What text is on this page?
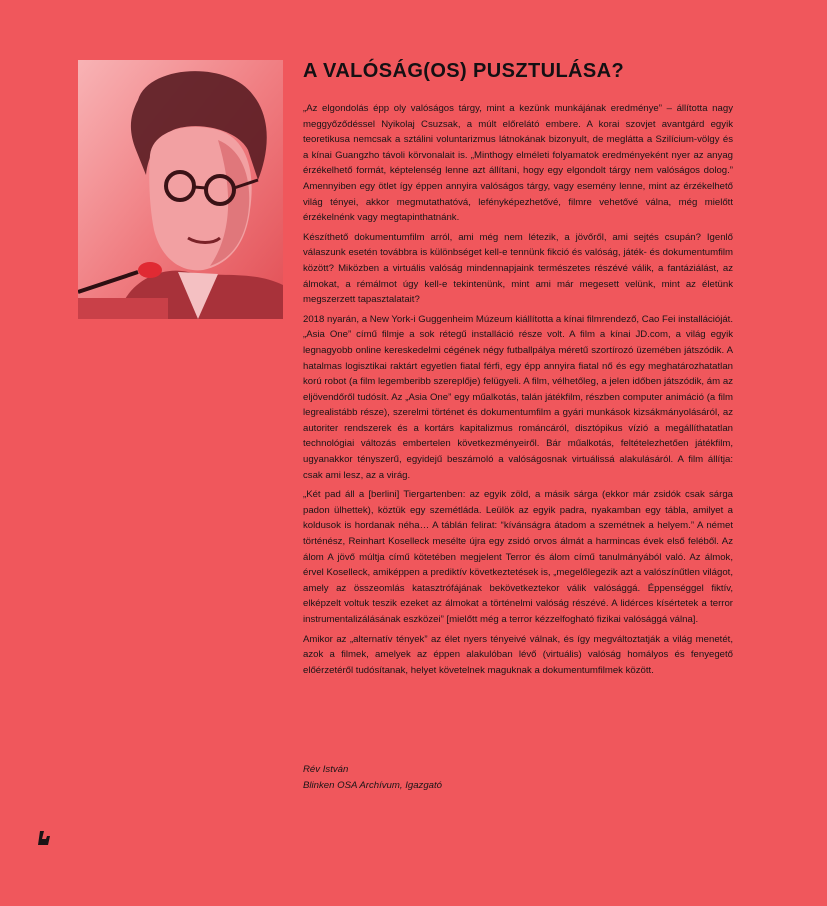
A VALÓSÁG(OS) PUSZTULÁSA?

„Az elgondolás épp oly valóságos tárgy, mint a kezünk munkájának eredménye” – állította nagy meggyőződéssel Nyikolaj Csuzsak, a múlt előrelátó embere. A korai szovjet avantgárd egyik teoretikusa nemcsak a sztálini voluntarizmus látnokának bizonyult, de meglátta a Szilícium-völgy és a kínai Guangzho távoli körvonalait is. „Minthogy elméleti folyamatok eredményeként nyer az anyag érzékelhető formát, képtelenség lenne azt állítani, hogy egy elgondolt tárgy nem valóságos dolog.” Amennyiben egy ötlet így éppen annyira valóságos tárgy, vagy esemény lenne, mint az érzékelhető világ tényei, akkor megmutathatóvá, lefényképezhetővé, filmre vehetővé válna, még mielőtt érzékelnénk vagy megtapinthatnánk.

Készíthető dokumentumfilm arról, ami még nem létezik, a jövőről, ami sejtés csupán? Igenlő válaszunk esetén továbbra is különbséget kell-e tennünk fikció és valóság, játék- és dokumentumfilm között? Miközben a virtuális valóság mindennapjaink természetes részévé válik, a fantáziálást, az álmokat, a rémálmot úgy kell-e tekintenünk, mint ami már megesett velünk, mint az életünk megszerzett tapasztalatait?

2018 nyarán, a New York-i Guggenheim Múzeum kiállította a kínai filmrendező, Cao Fei installációját. „Asia One” című filmje a sok rétegű installáció része volt. A film a kínai JD.com, a világ egyik legnagyobb online kereskedelmi cégének négy futballpálya méretű szortírozó üzemében játszódik. A hatalmas logisztikai raktárt egyetlen fiatal férfi, egy épp annyira fiatal nő és egy meghatározhatatlan korú robot (a film legemberibb szereplője) felügyeli. A film, vélhetőleg, a jelen időben játszódik, ám az eljövendőről tudósít. Az „Asia One” egy műalkotás, talán játékfilm, részben computer animáció (a film legrealistább része), szerelmi történet és dokumentumfilm a gyári munkások kizsákmányolásáról, az autoriter rendszerek és a kortárs kapitalizmus románcáról, disztópikus vízió a megállíthatatlan technológiai változás embertelen következményeiről. Bár műalkotás, feltételezhetően játékfilm, ugyanakkor tényszerű, egyidejű beszámoló a valóságosnak virtuálissá alakulásáról. A film állítja: csak ami lesz, az a virág.

„Két pad áll a [berlini] Tiergartenben: az egyik zöld, a másik sárga (ekkor már zsidók csak sárga padon ülhettek), köztük egy szemétláda. Leülök az egyik padra, nyakamban egy tábla, amilyet a koldusok is hordanak néha… A táblán felirat: “kívánságra átadom a szemétnek a helyem.” A német történész, Reinhart Koselleck mesélte újra egy zsidó orvos álmát a harmincas évek első feléből. Az álom A jövő múltja című kötetében megjelent Terror és álom című tanulmányából való. Az álmok, érvel Koselleck, amiképpen a prediktív következtetések is, „megelőlegezik azt a valószínűtlen világot, amely az összeomlás katasztrófájának bekövetkeztekor válik valósággá. Éppenséggel fiktív, elképzelt voltuk teszik ezeket az álmokat a történelmi valóság részévé. A lidérces kísértetek a terror instrumentalizálásának eszközei” [mielőtt még a terror kézzelfogható fizikai valósággá válna].

Amikor az „alternatív tények” az élet nyers tényeivé válnak, és így megváltoztatják a világ menetét, azok a filmek, amelyek az éppen alakulóban lévő (virtuális) valóság homályos és fenyegető előérzetéről tudósítanak, helyet követelnek maguknak a dokumentumfilmek között.

Rév István
Blinken OSA Archívum, Igazgató
